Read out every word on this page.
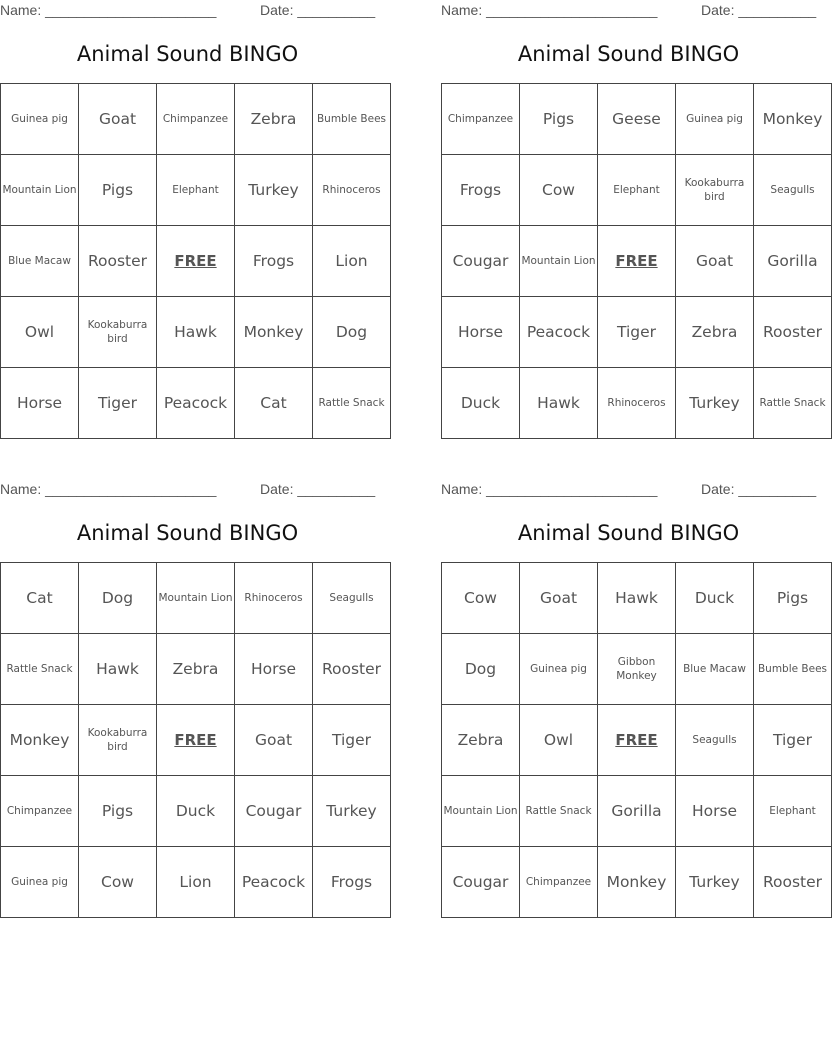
Name: ______________________	Date: __________
Animal Sound BINGO
Guinea pig	Goat	Chimpanzee	Zebra	Bumble Bees
Mountain Lion	Pigs	Elephant	Turkey	Rhinoceros
Blue Macaw	Rooster	FREE	Frogs	Lion
Owl	Kookaburra bird	Hawk	Monkey	Dog
Horse	Tiger	Peacock	Cat	Rattle Snack
Name: ______________________	Date: __________
Animal Sound BINGO
Chimpanzee	Pigs	Geese	Guinea pig	Monkey
Frogs	Cow	Elephant	Kookaburra bird	Seagulls
Cougar	Mountain Lion	FREE	Goat	Gorilla
Horse	Peacock	Tiger	Zebra	Rooster
Duck	Hawk	Rhinoceros	Turkey	Rattle Snack
Name: ______________________	Date: __________
Animal Sound BINGO
Cat	Dog	Mountain Lion	Rhinoceros	Seagulls
Rattle Snack	Hawk	Zebra	Horse	Rooster
Monkey	Kookaburra bird	FREE	Goat	Tiger
Chimpanzee	Pigs	Duck	Cougar	Turkey
Guinea pig	Cow	Lion	Peacock	Frogs
Name: ______________________	Date: __________
Animal Sound BINGO
Cow	Goat	Hawk	Duck	Pigs
Dog	Guinea pig	Gibbon Monkey	Blue Macaw	Bumble Bees
Zebra	Owl	FREE	Seagulls	Tiger
Mountain Lion	Rattle Snack	Gorilla	Horse	Elephant
Cougar	Chimpanzee	Monkey	Turkey	Rooster
